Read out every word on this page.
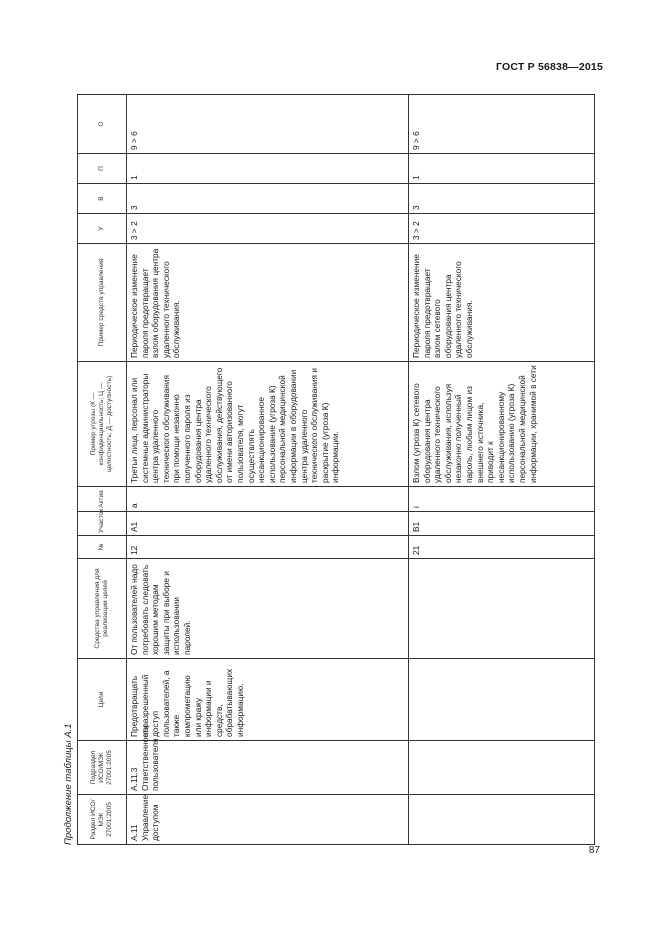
ГОСТ Р 56838—2015
Продолжение таблицы А.1 Раздел ИСО/МЭК 27001:2005	Подраздел ИСО/МЭК 27001:2005	Цели	Средства управления для реализации целей	№	Участок	Актив	Пример угрозы (К — конфиденциальность; Ц — целостность; Д — доступность)	Пример средств управления	У	В	П	О
А.11 Управление доступом	А.11.3 Ответственности пользователя	Предотвращать неразрешенный доступ пользователей, а также компрометацию или кражу информации и средств, обрабатывающих информацию.	От пользователей надо потребовать следовать хорошим методам защиты при выборе и использовании паролей.	12	А1	а	Третьи лица, персонал или системные администраторы центра удаленного технического обслуживания при помощи незаконно полученного пароля из оборудования центра удаленного технического обслуживания, действующего от имени авторизованного пользователя, могут осуществлять несанкционированное использование (угроза К) персональной медицинской информации в оборудовании центра удаленного технического обслуживания и раскрытие (угроза К) информации.	Периодическое изменение пароля предотвращает взлом оборудования центра удаленного технического обслуживания.	3 > 2	3	1	9 > 6
				21	В1	i	Взлом (угроза К) сетевого оборудования центра удаленного технического обслуживания, используя незаконно полученный пароль, любым лицом из внешнего источника, приводит к несанкционированному использованию (угроза К) персональной медицинской информации, хранимой в сети	Периодическое изменение пароля предотвращает взлом сетевого оборудования центра удаленного технического обслуживания.	3 > 2	3	1	9 > 6
87
